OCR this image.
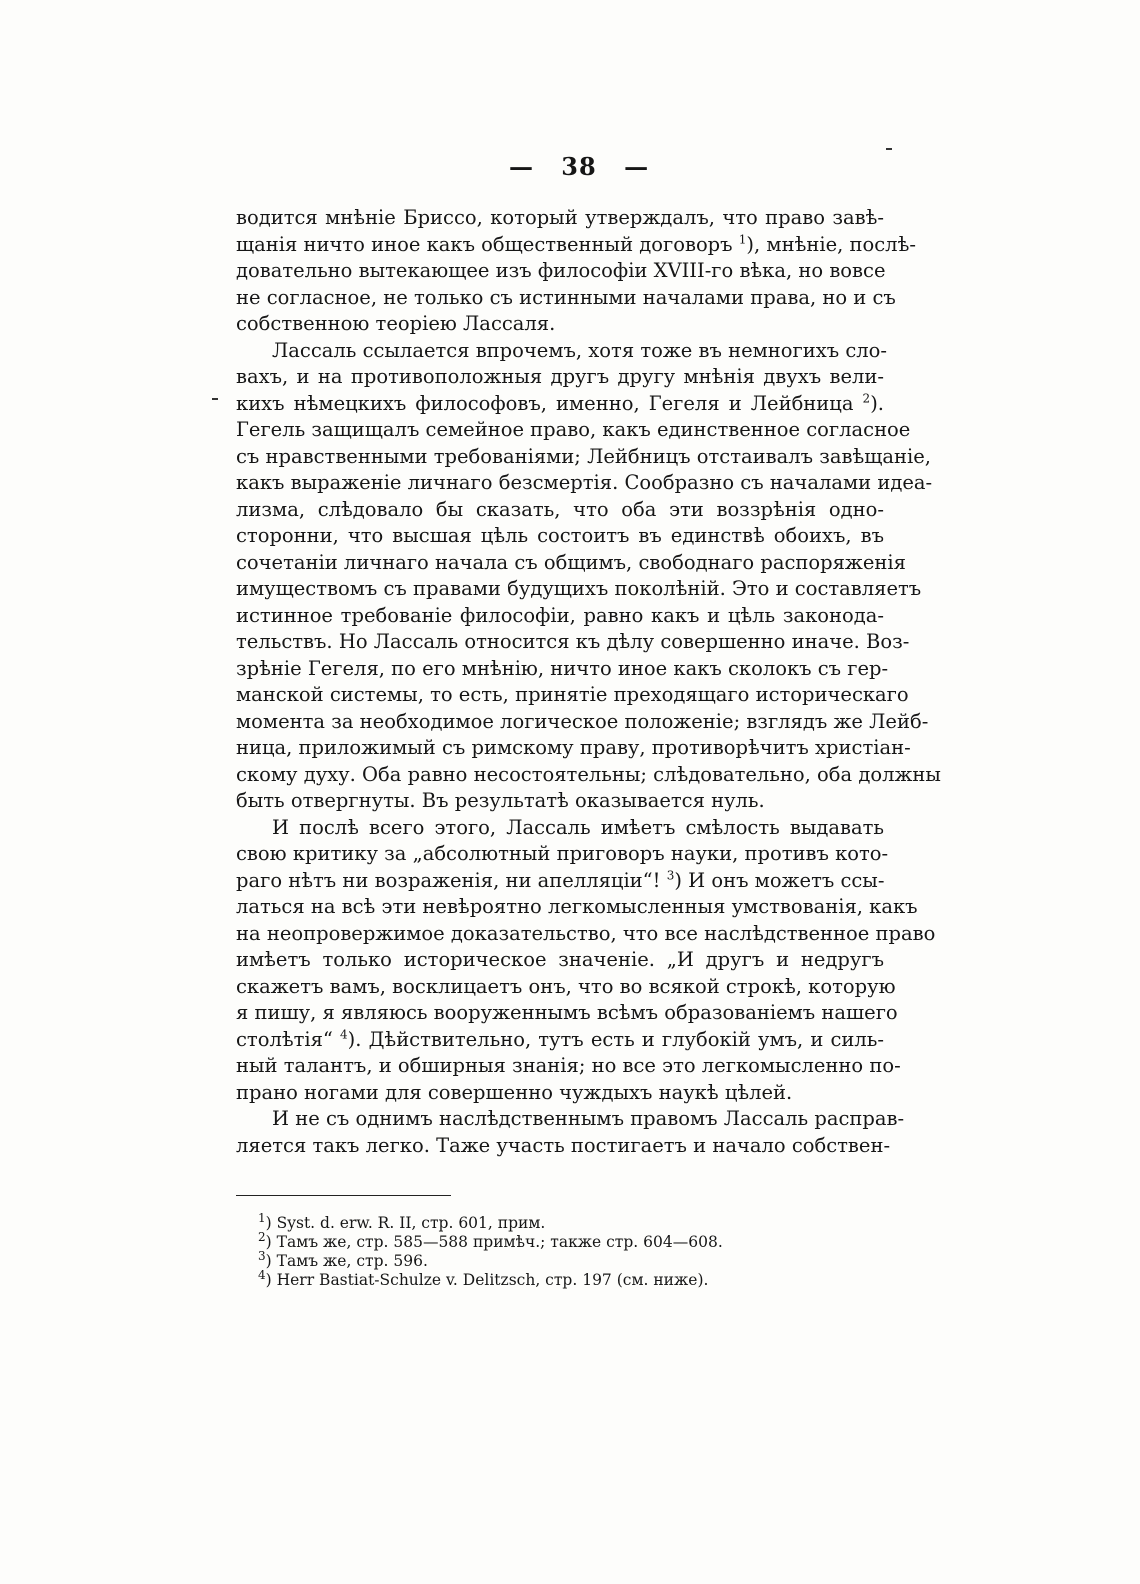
— 38 —
водится мнѣніе Бриссо, который утверждалъ, что право завѣ-
щанія ничто иное какъ общественный договоръ $^1$), мнѣніе, послѣ-
довательно вытекающее изъ философіи XVIII-го вѣка, но вовсе
не согласное, не только съ истинными началами права, но и съ
собственною теоріею Лассаля.
Лассаль ссылается впрочемъ, хотя тоже въ немногихъ сло-
вахъ, и на противоположныя другъ другу мнѣнія двухъ вели-
кихъ нѣмецкихъ философовъ, именно, Гегеля и Лейбница $^2$).
Гегель защищалъ семейное право, какъ единственное согласное
съ нравственными требованіями; Лейбницъ отстаивалъ завѣщаніе,
какъ выраженіе личнаго безсмертія. Сообразно съ началами идеа-
лизма, слѣдовало бы сказать, что оба эти воззрѣнія одно-
сторонни, что высшая цѣль состоитъ въ единствѣ обоихъ, въ
сочетаніи личнаго начала съ общимъ, свободнаго распоряженія
имуществомъ съ правами будущихъ поколѣній. Это и составляетъ
истинное требованіе философіи, равно какъ и цѣль законода-
тельствъ. Но Лассаль относится къ дѣлу совершенно иначе. Воз-
зрѣніе Гегеля, по его мнѣнію, ничто иное какъ сколокъ съ гер-
манской системы, то есть, принятіе преходящаго историческаго
момента за необходимое логическое положеніе; взглядъ же Лейб-
ница, приложимый съ римскому праву, противорѣчитъ христіан-
скому духу. Оба равно несостоятельны; слѣдовательно, оба должны
быть отвергнуты. Въ результатѣ оказывается нуль.
И послѣ всего этого, Лассаль имѣетъ смѣлость выдавать
свою критику за „абсолютный приговоръ науки, противъ кото-
раго нѣтъ ни возраженія, ни апелляціи“! $^3$) И онъ можетъ ссы-
латься на всѣ эти невѣроятно легкомысленныя умствованія, какъ
на неопровержимое доказательство, что все наслѣдственное право
имѣетъ только историческое значеніе. „И другъ и недругъ
скажетъ вамъ, восклицаетъ онъ, что во всякой строкѣ, которую
я пишу, я являюсь вооруженнымъ всѣмъ образованіемъ нашего
столѣтія“ $^4$). Дѣйствительно, тутъ есть и глубокій умъ, и силь-
ный талантъ, и обширныя знанія; но все это легкомысленно по-
прано ногами для совершенно чуждыхъ наукѣ цѣлей.
И не съ однимъ наслѣдственнымъ правомъ Лассаль расправ-
ляется такъ легко. Таже участь постигаетъ и начало собствен-
$^1$) Syst. d. erw. R. II, стр. 601, прим.
$^2$) Тамъ же, стр. 585—588 примѣч.; также стр. 604—608.
$^3$) Тамъ же, стр. 596.
$^4$) Herr Bastiat-Schulze v. Delitzsch, стр. 197 (см. ниже).
